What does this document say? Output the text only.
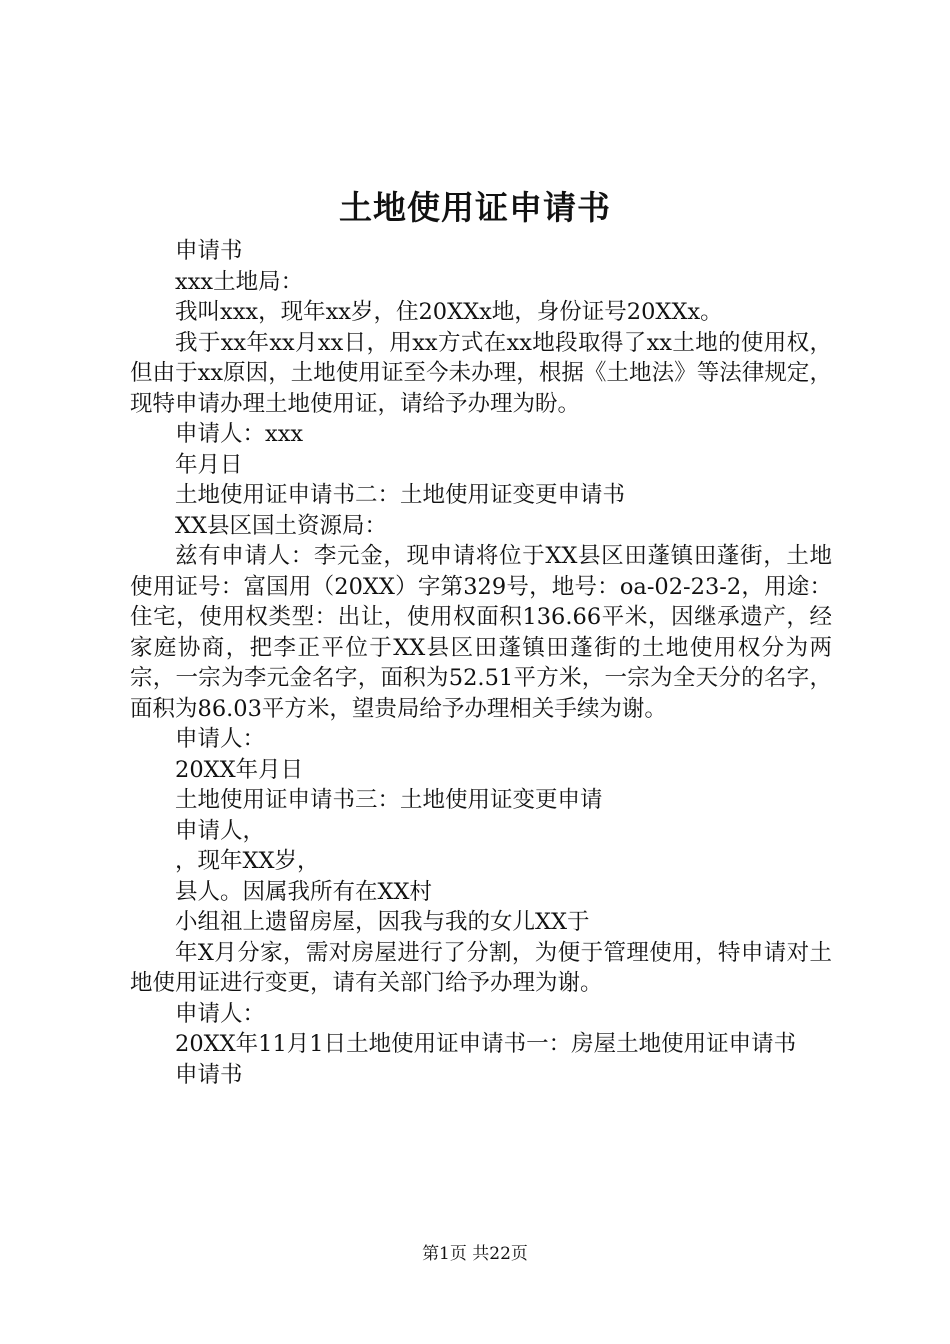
土地使用证申请书

申请书

xxx土地局：

我叫xxx，现年xx岁，住20XXx地，身份证号20XXx。

我于xx年xx月xx日，用xx方式在xx地段取得了xx土地的使用权，但由于xx原因，土地使用证至今未办理，根据《土地法》等法律规定，现特申请办理土地使用证，请给予办理为盼。

申请人：xxx

年月日

土地使用证申请书二：土地使用证变更申请书

XX县区国土资源局：

兹有申请人：李元金，现申请将位于XX县区田蓬镇田蓬街，土地使用证号：富国用（20XX）字第329号，地号：oa-02-23-2，用途：住宅，使用权类型：出让，使用权面积136.66平米，因继承遗产，经家庭协商，把李正平位于XX县区田蓬镇田蓬街的土地使用权分为两宗，一宗为李元金名字，面积为52.51平方米，一宗为全天分的名字，面积为86.03平方米，望贵局给予办理相关手续为谢。

申请人：

20XX年月日

土地使用证申请书三：土地使用证变更申请

申请人，

，现年XX岁，

县人。因属我所有在XX村

小组祖上遗留房屋，因我与我的女儿XX于

年X月分家，需对房屋进行了分割，为便于管理使用，特申请对土地使用证进行变更，请有关部门给予办理为谢。

申请人：

20XX年11月1日土地使用证申请书一：房屋土地使用证申请书

申请书

第1页 共22页
